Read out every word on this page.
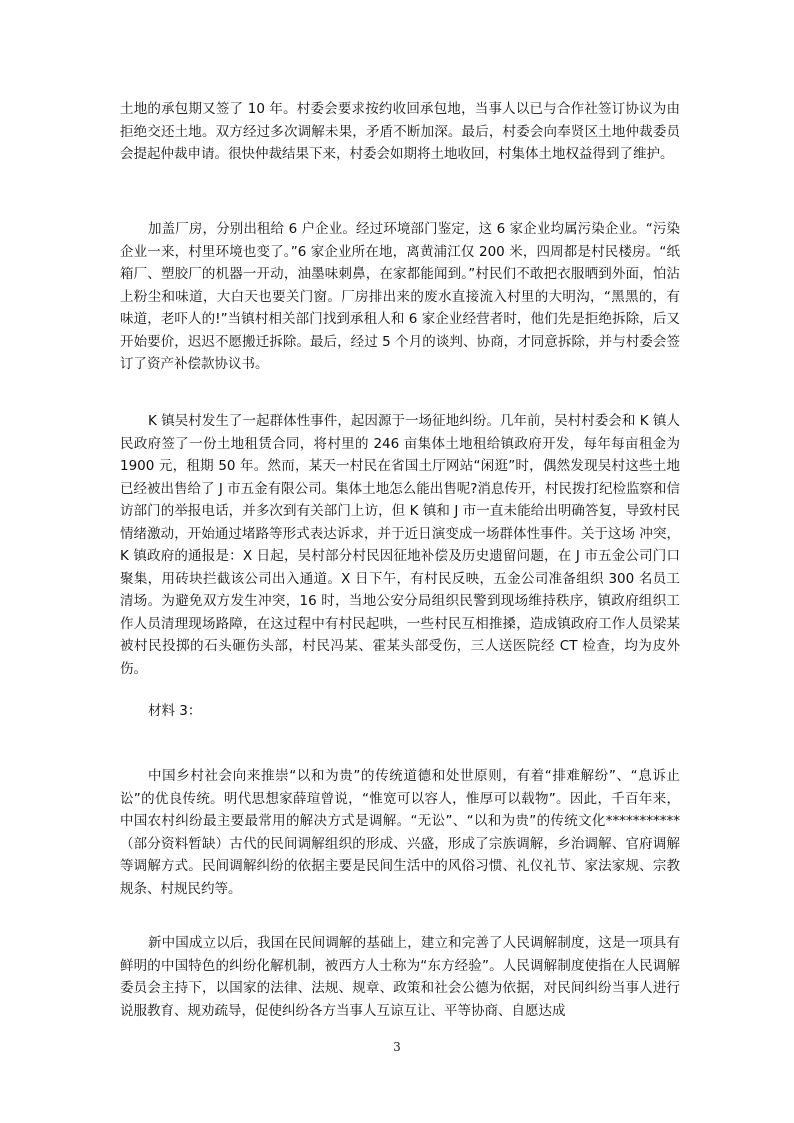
土地的承包期又签了 10 年。村委会要求按约收回承包地，当事人以已与合作社签订协议为由拒绝交还土地。双方经过多次调解未果，矛盾不断加深。最后，村委会向奉贤区土地仲裁委员会提起仲裁申请。很快仲裁结果下来，村委会如期将土地收回，村集体土地权益得到了维护。

加盖厂房，分别出租给 6 户企业。经过环境部门鉴定，这 6 家企业均属污染企业。“污染企业一来，村里环境也变了。”6 家企业所在地，离黄浦江仅 200 米，四周都是村民楼房。“纸箱厂、塑胶厂的机器一开动，油墨味刺鼻，在家都能闻到。”村民们不敢把衣服晒到外面，怕沾上粉尘和味道，大白天也要关门窗。厂房排出来的废水直接流入村里的大明沟，“黑黑的，有味道，老吓人的!”当镇村相关部门找到承租人和 6 家企业经营者时，他们先是拒绝拆除，后又开始要价，迟迟不愿搬迁拆除。最后，经过 5 个月的谈判、协商，才同意拆除，并与村委会签订了资产补偿款协议书。

K 镇吴村发生了一起群体性事件，起因源于一场征地纠纷。几年前，吴村村委会和 K 镇人民政府签了一份土地租赁合同，将村里的 246 亩集体土地租给镇政府开发，每年每亩租金为 1900 元，租期 50 年。然而，某天一村民在省国土厅网站“闲逛”时，偶然发现吴村这些土地已经被出售给了 J 市五金有限公司。集体土地怎么能出售呢?消息传开，村民拨打纪检监察和信访部门的举报电话，并多次到有关部门上访，但 K 镇和 J 市一直未能给出明确答复，导致村民情绪激动，开始通过堵路等形式表达诉求，并于近日演变成一场群体性事件。关于这场 冲突，K 镇政府的通报是：X 日起，吴村部分村民因征地补偿及历史遗留问题，在 J 市五金公司门口聚集，用砖块拦截该公司出入通道。X 日下午，有村民反映，五金公司准备组织 300 名员工清场。为避免双方发生冲突，16 时，当地公安分局组织民警到现场维持秩序，镇政府组织工作人员清理现场路障，在这过程中有村民起哄，一些村民互相推搡，造成镇政府工作人员梁某被村民投掷的石头砸伤头部，村民冯某、霍某头部受伤，三人送医院经 CT 检查，均为皮外伤。

材料 3：

中国乡村社会向来推崇“以和为贵”的传统道德和处世原则，有着“排难解纷”、“息诉止讼”的优良传统。明代思想家薛瑄曾说，“惟宽可以容人，惟厚可以载物”。因此，千百年来，中国农村纠纷最主要最常用的解决方式是调解。“无讼”、“以和为贵”的传统文化***********（部分资料暂缺）古代的民间调解组织的形成、兴盛，形成了宗族调解，乡治调解、官府调解等调解方式。民间调解纠纷的依据主要是民间生活中的风俗习惯、礼仪礼节、家法家规、宗教规条、村规民约等。

新中国成立以后，我国在民间调解的基础上，建立和完善了人民调解制度，这是一项具有鲜明的中国特色的纠纷化解机制，被西方人士称为“东方经验”。人民调解制度使指在人民调解委员会主持下，以国家的法律、法规、规章、政策和社会公德为依据，对民间纠纷当事人进行说服教育、规劝疏导，促使纠纷各方当事人互谅互让、平等协商、自愿达成

3
